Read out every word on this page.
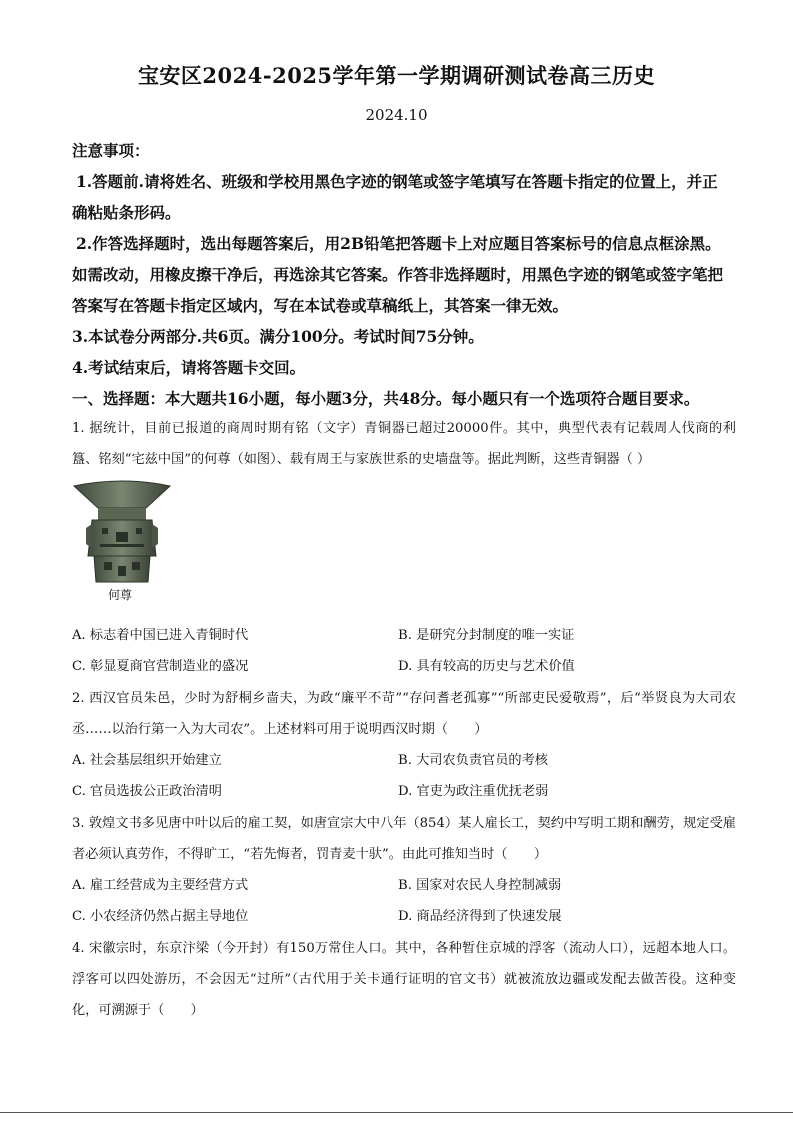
宝安区2024-2025学年第一学期调研测试卷高三历史
2024.10

注意事项：

1.答题前.请将姓名、班级和学校用黑色字迹的钢笔或签字笔填写在答题卡指定的位置上，并正确粘贴条形码。

2.作答选择题时，选出每题答案后，用2B铅笔把答题卡上对应题目答案标号的信息点框涂黑。如需改动，用橡皮擦干净后，再选涂其它答案。作答非选择题时，用黑色字迹的钢笔或签字笔把答案写在答题卡指定区域内，写在本试卷或草稿纸上，其答案一律无效。

3.本试卷分两部分.共6页。满分100分。考试时间75分钟。

4.考试结束后，请将答题卡交回。

一、选择题：本大题共16小题，每小题3分，共48分。每小题只有一个选项符合题目要求。

1. 据统计，目前已报道的商周时期有铭（文字）青铜器已超过20000件。其中，典型代表有记载周人伐商的利簋、铭刻“宅兹中国”的何尊（如图）、载有周王与家族世系的史墙盘等。据此判断，这些青铜器（ ）

何尊
A. 标志着中国已进入青铜时代	B. 是研究分封制度的唯一实证
C. 彰显夏商官营制造业的盛况	D. 具有较高的历史与艺术价值

2. 西汉官员朱邑，少时为舒桐乡啬夫，为政“廉平不苛”“存问耆老孤寡”“所部吏民爱敬焉”，后“举贤良为大司农丞……以治行第一入为大司农”。上述材料可用于说明西汉时期（　　）

A. 社会基层组织开始建立	B. 大司农负责官员的考核
C. 官员选拔公正政治清明	D. 官吏为政注重优抚老弱

3. 敦煌文书多见唐中叶以后的雇工契，如唐宣宗大中八年（854）某人雇长工，契约中写明工期和酬劳，规定受雇者必须认真劳作，不得旷工，“若先悔者，罚青麦十驮”。由此可推知当时（　　）

A. 雇工经营成为主要经营方式	B. 国家对农民人身控制减弱
C. 小农经济仍然占据主导地位	D. 商品经济得到了快速发展

4. 宋徽宗时，东京汴梁（今开封）有150万常住人口。其中，各种暂住京城的浮客（流动人口），远超本地人口。浮客可以四处游历，不会因无“过所”（古代用于关卡通行证明的官文书）就被流放边疆或发配去做苦役。这种变化，可溯源于（　　）
